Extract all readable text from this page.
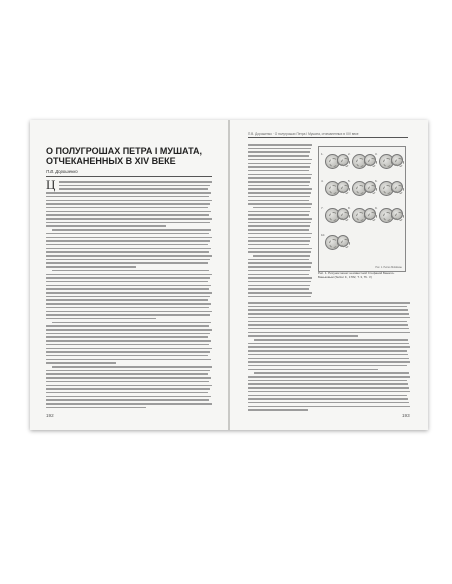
О ПОЛУГРОШАХ ПЕТРА I МУШАТА, ОТЧЕКАНЕННЫХ В XIV ВЕКЕ
П.В. Дорошенко
Ц
192
П.В. Дорошенко · О полугрошах Петра I Мушата, отчеканенных в XIV веке
1.	2.	3.
4.	5.	6.
7.	8.	9.
10.
Рис. 1. Petrus Moldaviae
Рис. 1. Рисунок монет неизвестной Стефаной Банало-Баньковым (Sulzer F., 1782, Т. 3, Tb. V)
193
